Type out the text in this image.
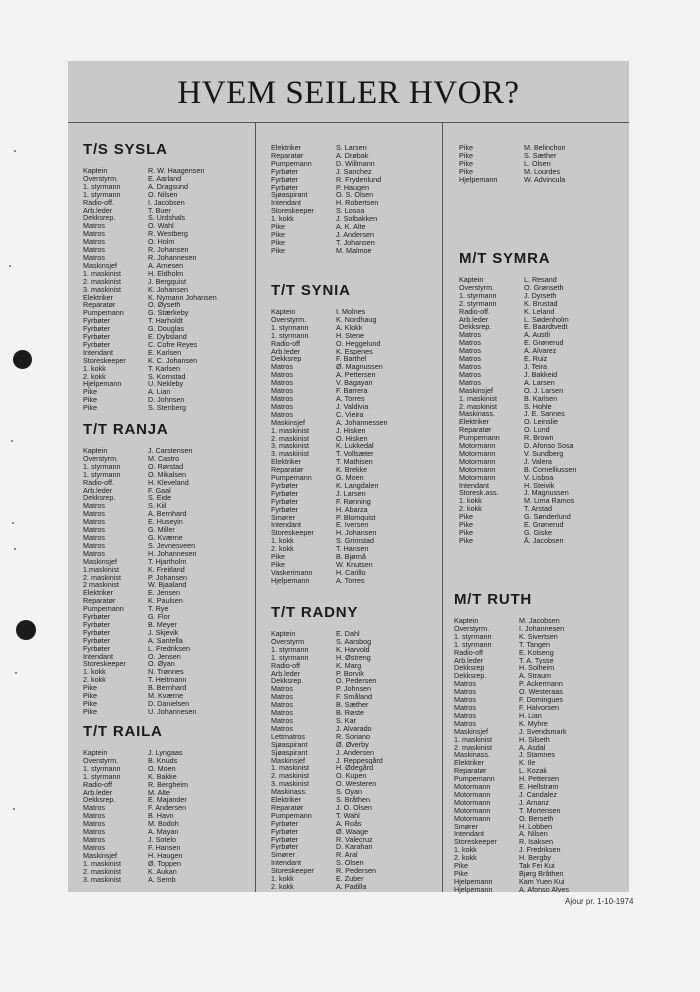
HVEM SEILER HVOR?
T/S SYSLA
Kaptein	R. W. Haagensen
Overstyrm.	E. Aarland
1. styrmann	A. Dragsund
1. styrmann	O. Nilsen
Radio-off.	I. Jacobsen
Arb.leder	T. Buer
Dekksrep.	S. Urdshals
Matros	O. Wahl
Matros	R. Westberg
Matros	O. Holm
Matros	R. Johansen
Matros	R. Johannesen
Maskinsjef	A. Arnesen
1. maskinist	H. Eldholm
2. maskinist	J. Bergquist
3. maskinist	K. Johansen
Elektriker	K. Nymann Johansen
Reparatør	O. Øyseth
Pumpemann	G. Stærkeby
Fyrbøter	T. Harholdt
Fyrbøter	G. Douglas
Fyrbøter	E. Dybsland
Fyrbøter	C. Cofre Reyes
Intendant	E. Karlsen
Storeskeeper	K. C. Johansen
1. kokk	T. Karlsen
2. kokk	S. Kornstad
Hjelpemann	U. Nekleby
Pike	A. Lian
Pike	D. Johnsen
Pike	S. Stenberg
T/T RANJA
Kaptein	J. Carstensen
Overstyrm.	M. Castro
1. styrmann	O. Rørstad
1. styrmann	O. Mikalsen
Radio-off.	H. Kleveland
Arb.leder	F. Gaal
Dekksrep.	S. Eide
Matros	S. Kiil
Matros	A. Bernhard
Matros	E. Huseyin
Matros	G. Miller
Matros	G. Kværne
Matros	S. Jevnesveen
Matros	H. Johannesen
Maskinsjef	T. Hjartholm
1.maskinist	K. Freitland
2. maskinist	P. Johansen
2 maskinist	W. Bjaaland
Elektriker	E. Jensen
Reparatør	K. Paulsen
Pumpemann	T. Rye
Fyrbøter	G. Flor
Fyrbøter	B. Meyer
Fyrbøter	J. Skjevik
Fyrbøter	A. Santella
Fyrbøter	L. Fredriksen
Intendant	O. Jensen
Storeskeeper	O. Øyan
1. kokk	N. Trønnes
2. kokk	T. Heitmann
Pike	B. Bernhard
Pike	M. Kværne
Pike	D. Danielsen
Pike	U. Johannesen
T/T RAILA
Kaptein	J. Lyngaas
Overstyrm.	B. Knuds
1. styrmann	O. Moen
1. styrmann	K. Bakke
Radio-off	R. Bergheim
Arb.leder	M. Alte
Dekksrep.	E. Majander
Matros	F. Andersen
Matros	B. Havn
Matros	M. Bodoh
Matros	A. Mayan
Matros	J. Sotelo
Matros	F. Hansen
Maskinsjef	H. Haugen
1. maskinist	Ø. Toppen
2. maskinist	K. Aukan
3. maskinist	A. Semb
Elektriker	S. Larsen
Reparatør	A. Drøbak
Pumpemann	D. Willmann
Fyrbøter	J. Sanchez
Fyrbøter	R. Frydenlund
Fyrbøter	P. Haugen
Sjøaspirant	O. S. Olsen
Intendant	H. Robertsen
Storeskeeper	S. Losoa
1. kokk	J. Solbakken
Pike	A. K. Alte
Pike	J. Andersen
Pike	T. Johansen
Pike	M. Malmoe
T/T SYNIA
Kaptein	I. Molnes
Overstyrm.	K. Nordhaug
1. styrmann	A. Klokk
1. styrmann	H. Stene
Radio-off	O. Heggelund
Arb.leder	K. Espenes
Dekksrep	F. Barthel
Matros	Ø. Magnussen
Matros	A. Pettersen
Matros	V. Bagayan
Matros	F. Barrera
Matros	A. Torres
Matros	J. Valdivia
Matros	C. Vieira
Maskinsjef	A. Johannessen
1. maskinist	J. Hisken
2. maskinist	O. Hisken
3. maskinist	K. Lukkedal
3. maskinist	T. Vollsæter
Elektriker	T. Mathisen
Reparatør	K. Brekke
Pumpemann	G. Moen
Fyrbøter	K. Langdalen
Fyrbøter	J. Larsen
Fyrbøter	F. Rønning
Fyrbøter	H. Abarza
Smører	P. Blomquist
Intendant	E. Iversen
Storeskeeper	H. Johansen
1. kokk	S. Grimstad
2. kokk	T. Hansen
Pike	B. Bjørnå
Pike	W. Knutsen
Vaskerimann	H. Carillo
Hjelpemann	A. Torres
T/T RADNY
Kaptein	E. Dahl
Overstyrm	S. Aarsbog
1. styrmann	K. Harvold
1. styrmann	H. Østreng
Radio-off	K. Marg
Arb.leder	P. Borvik
Dekksrep.	O. Pedersen
Matros	P. Johnsen
Matros	F. Småland
Matros	B. Sæther
Matros	B. Røste
Matros	S. Kar
Matros	J. Alvarado
Lettmatros	R. Soriano
Sjøaspirant	Ø. Øverby
Sjøaspirant	J. Andersen
Maskinsjef	J. Reppesgård
1. maskinist	H. Ødegård
2. maskinist	O. Kupen
3. maskinist	O. Westeren
Maskinass.	S. Oyan
Elektriker	S. Bråthen
Reparatør	J. O. Olsen
Pumpemann	T. Wahl
Fyrbøter	A. Roås
Fyrbøter	Ø. Waage
Fyrbøter	R. Valecruz
Fyrbøter	D. Karahan
Smører	R. Aral
Intendant	S. Olsen
Storeskeeper	R. Pedersen
1. kokk	E. Zuber
2. kokk	A. Padilla
Pike	M. Belinchon
Pike	S. Sæther
Pike	L. Olsen
Pike	M. Lourdes
Hjelpemann	W. Advincula
M/T SYMRA
Kaptein	L. Resand
Overstyrm.	O. Grønseth
1. styrmann	J. Dyrseth
2. styrmann	K. Brustad
Radio-off.	K. Leland
Arb.leder	L. Sødenholm
Dekksrep.	E. Baardtvedt
Matros	A. Austli
Matros	E. Grønerud
Matros	A. Alvarez
Matros	E. Ruiz
Matros	J. Teira
Matros	J. Bakkeid
Matros	A. Larsen
Maskinsjef	O. J. Larsen
1. maskinist	B. Karlsen
2. maskinist	S. Hohle
Maskinass.	J. E. Sannes
Elektriker	O. Leinslie
Reparatør	O. Lund
Pumpemann	R. Brown
Motormann	D. Afonso Sosa
Motormann	V. Sundberg
Motormann	J. Valera
Motormann	B. Cornelliussen
Motormann	V. Lisboa
Intendant	H. Steivik
Storesk.ass.	J. Magnussen
1. kokk	M. Lima Ramos
2. kokk	T. Arstad
Pike	G. Sønderlund
Pike	E. Grønerud
Pike	G. Giske
Pike	Å. Jacobsen
M/T RUTH
Kaptein	M. Jacobsen
Overstyrm.	I. Johannesen
1. styrmann	K. Sivertsen
1. styrmann	T. Tangen
Radio-off	E. Kolseng
Arb.leder	T. A. Tysse
Dekksrep	H. Solheim
Dekksrep.	A. Straum
Matros	P. Ackermann
Matros	O. Westeraas
Matros	F. Domingues
Matros	F. Halvorsen
Matros	H. Lian
Matros	K. Myhre
Maskinsjef	J. Svendsmark
1. maskinist	H. Silseth
2. maskinist	A. Asdal
Maskinass.	J. Stamnes
Elektriker	K. Ile
Reparatør	L. Kozak
Pumpemann	H. Pettersen
Motormann	E. Hellstrøm
Motormann	J. Candalez
Motormann	J. Arnanz
Motormann	T. Mortensen
Motormann	O. Berseth
Smører	H. Lobben
Intendant	A. Nilsen
Storeskeeper	R. Isaksen
1. kokk	J. Fredriksen
2. kokk	H. Bergby
Pike	Tak Fei Kui
Pike	Bjørg Bråthen
Hjelpemann	Kam Yuen Kui
Hjelpemann	A. Afonso Alves
Ajour pr. 1-10-1974
